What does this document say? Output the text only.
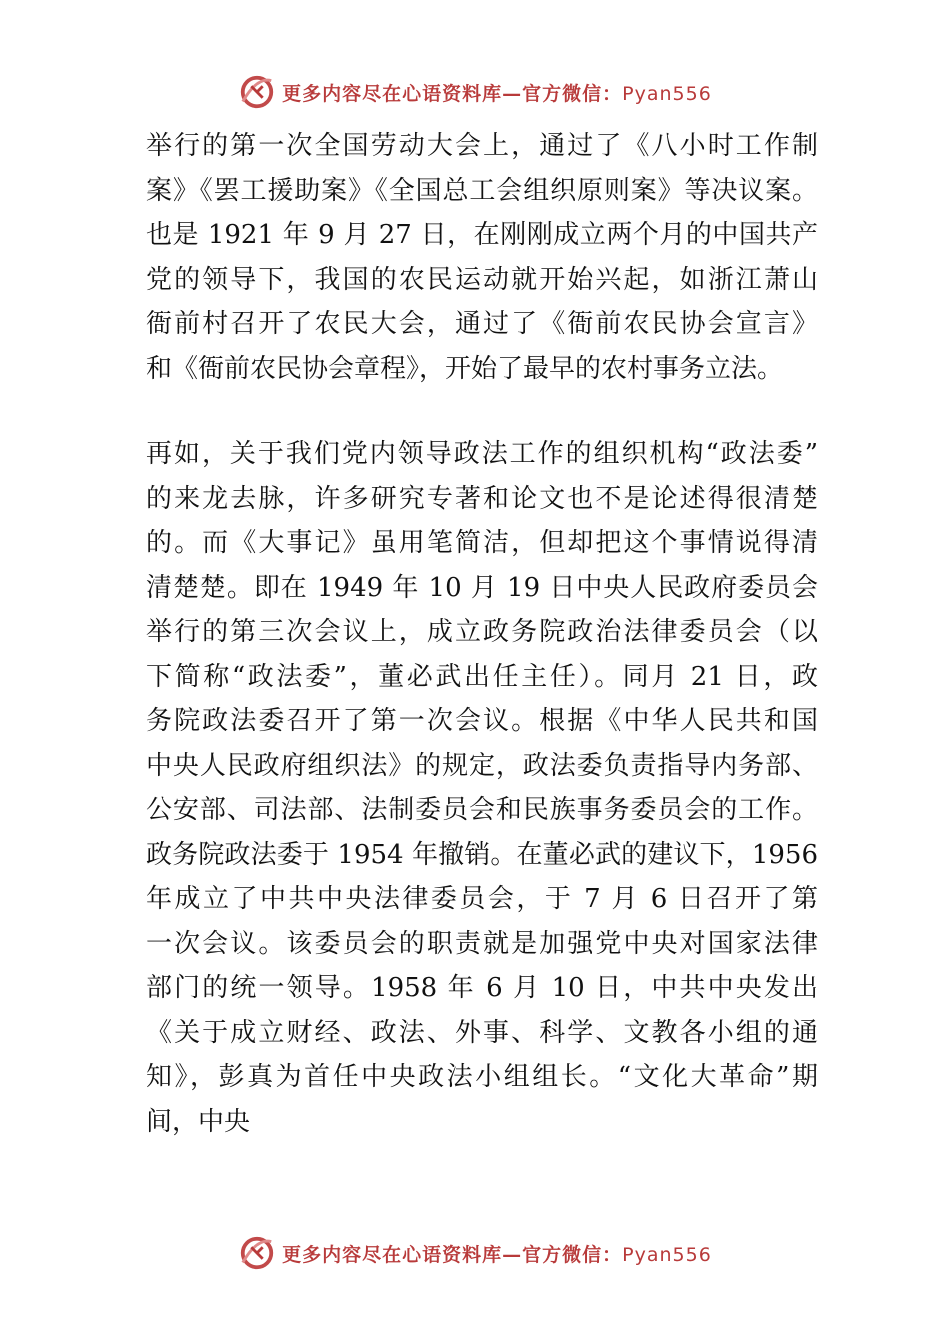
更多内容尽在心语资料库—官方微信：Pyan556
举行的第一次全国劳动大会上，通过了《八小时工作制
案》《罢工援助案》《全国总工会组织原则案》等决议案。
也是 1921 年 9 月 27 日，在刚刚成立两个月的中国共产
党的领导下，我国的农民运动就开始兴起，如浙江萧山
衙前村召开了农民大会，通过了《衙前农民协会宣言》
和《衙前农民协会章程》，开始了最早的农村事务立法。
再如，关于我们党内领导政法工作的组织机构“政法委”
的来龙去脉，许多研究专著和论文也不是论述得很清楚
的。而《大事记》虽用笔简洁，但却把这个事情说得清
清楚楚。即在 1949 年 10 月 19 日中央人民政府委员会
举行的第三次会议上，成立政务院政治法律委员会（以
下简称“政法委”，董必武出任主任）。同月 21 日，政
务院政法委召开了第一次会议。根据《中华人民共和国
中央人民政府组织法》的规定，政法委负责指导内务部、
公安部、司法部、法制委员会和民族事务委员会的工作。
政务院政法委于 1954 年撤销。在董必武的建议下，1956
年成立了中共中央法律委员会，于 7 月 6 日召开了第
一次会议。该委员会的职责就是加强党中央对国家法律
部门的统一领导。1958 年 6 月 10 日，中共中央发出
《关于成立财经、政法、外事、科学、文教各小组的通
知》，彭真为首任中央政法小组组长。“文化大革命”期
间，中央
更多内容尽在心语资料库—官方微信：Pyan556
